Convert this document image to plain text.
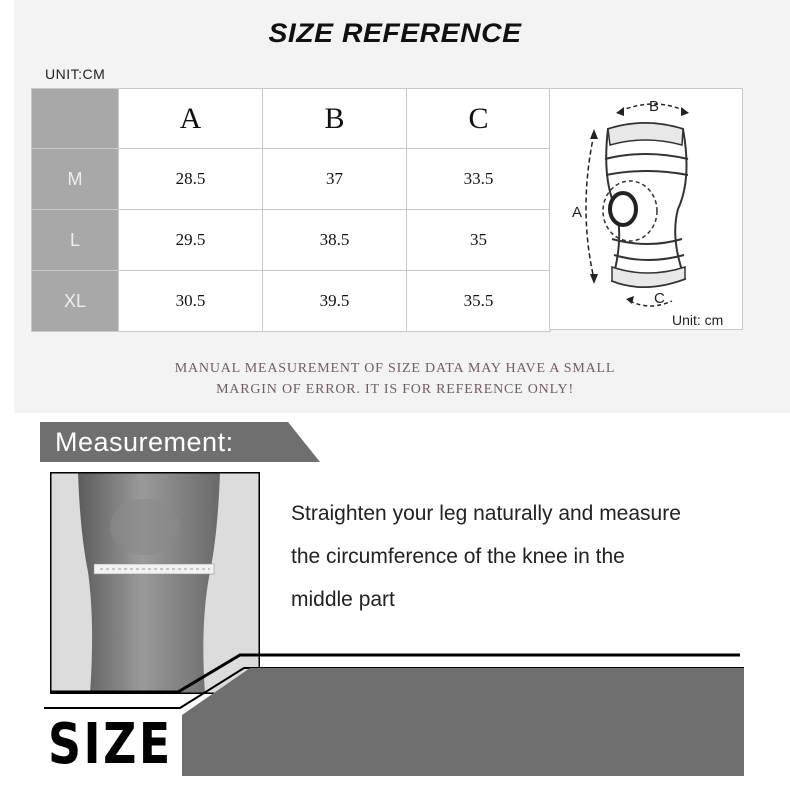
SIZE REFERENCE
UNIT:CM
	A	B	C
M	28.5	37	33.5
L	29.5	38.5	35
XL	30.5	39.5	35.5
A
B
C
Unit: cm
MANUAL MEASUREMENT OF SIZE DATA MAY HAVE A SMALL
MARGIN OF ERROR. IT IS FOR REFERENCE ONLY!
Measurement:
Straighten your leg naturally and measure
the circumference of the knee in the
middle part
SIZE
